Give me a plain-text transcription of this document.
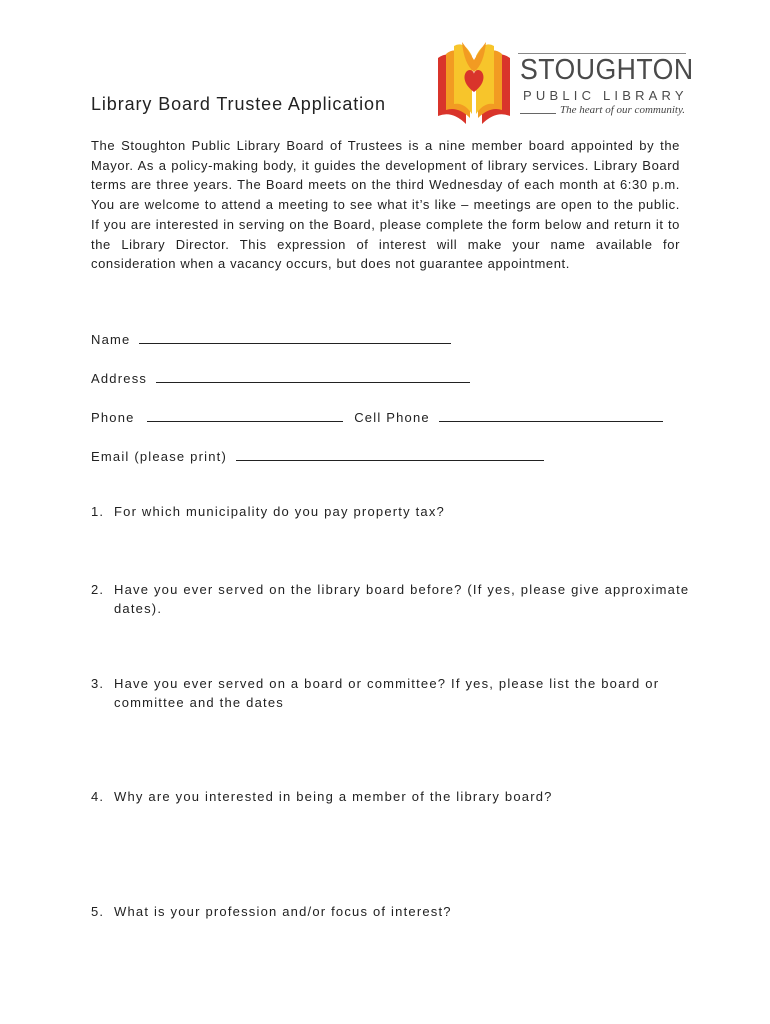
STOUGHTON
PUBLIC LIBRARY
The heart of our community.
Library Board Trustee Application

The Stoughton Public Library Board of Trustees is a nine member board appointed by the Mayor. As a policy-making body, it guides the development of library services. Library Board terms are three years. The Board meets on the third Wednesday of each month at 6:30 p.m. You are welcome to attend a meeting to see what it’s like – meetings are open to the public. If you are interested in serving on the Board, please complete the form below and return it to the Library Director. This expression of interest will make your name available for consideration when a vacancy occurs, but does not guarantee appointment.

Name
Address
Phone	Cell Phone
Email (please print)
1. For which municipality do you pay property tax?
2. Have you ever served on the library board before? (If yes, please give approximate dates).
3. Have you ever served on a board or committee? If yes, please list the board or committee and the dates
4. Why are you interested in being a member of the library board?
5. What is your profession and/or focus of interest?
